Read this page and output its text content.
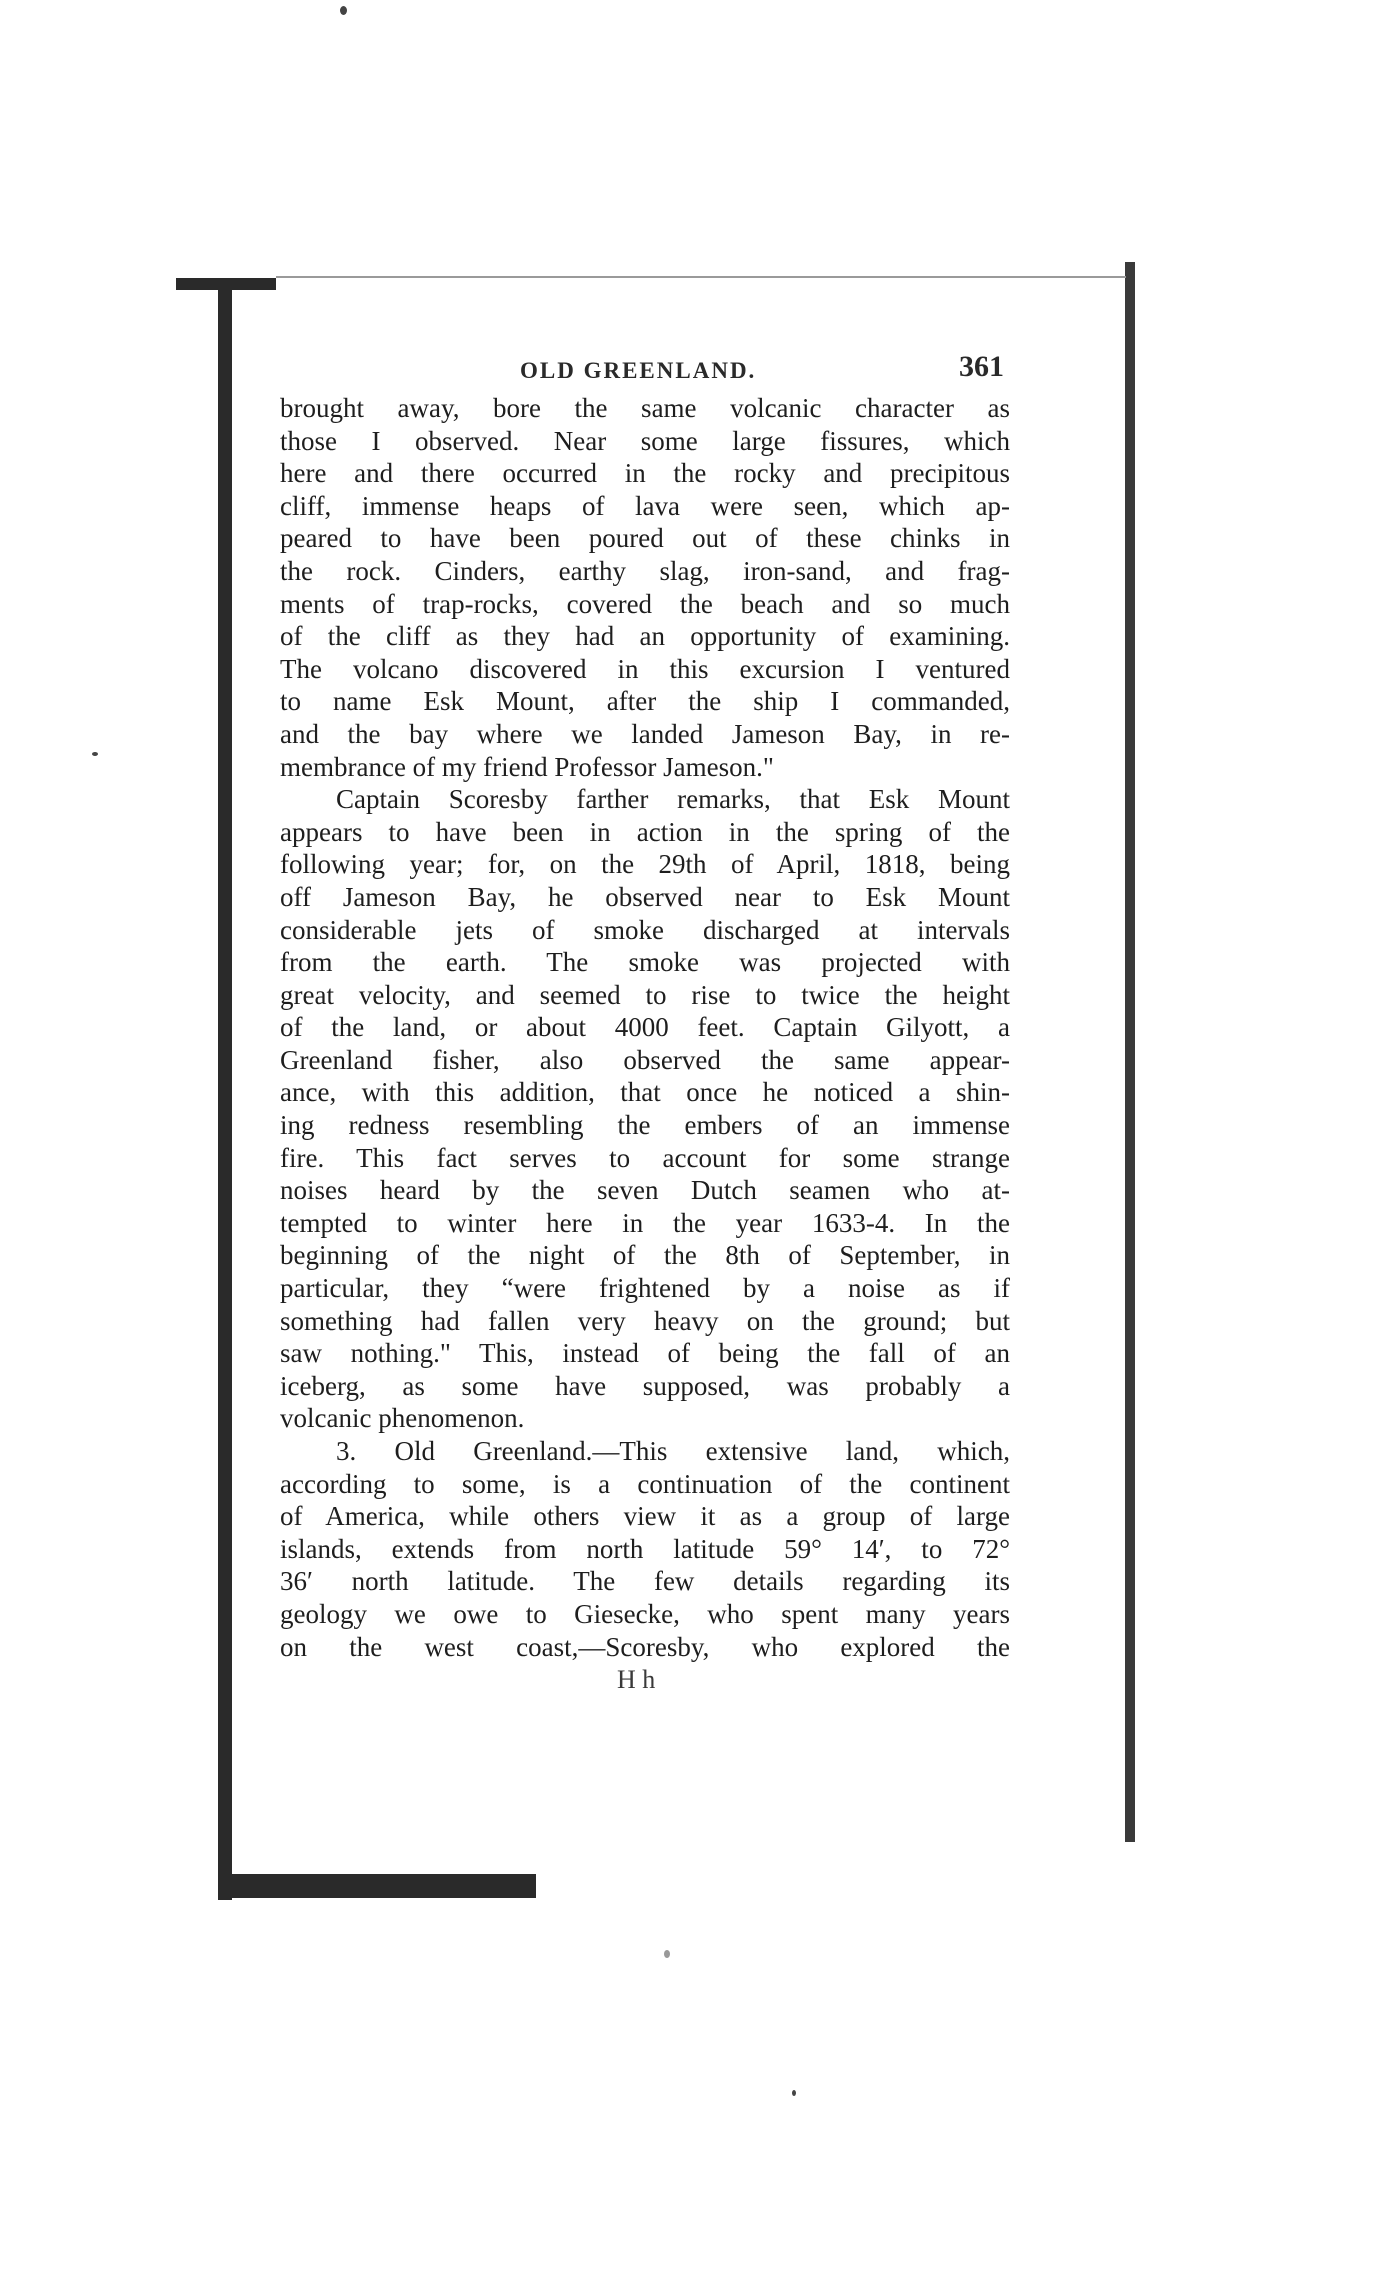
OLD GREENLAND.	361
brought away, bore the same volcanic character as
those I observed. Near some large fissures, which
here and there occurred in the rocky and precipitous
cliff, immense heaps of lava were seen, which ap-
peared to have been poured out of these chinks in
the rock. Cinders, earthy slag, iron-sand, and frag-
ments of trap-rocks, covered the beach and so much
of the cliff as they had an opportunity of examining.
The volcano discovered in this excursion I ventured
to name Esk Mount, after the ship I commanded,
and the bay where we landed Jameson Bay, in re-
membrance of my friend Professor Jameson."
Captain Scoresby farther remarks, that Esk Mount
appears to have been in action in the spring of the
following year; for, on the 29th of April, 1818, being
off Jameson Bay, he observed near to Esk Mount
considerable jets of smoke discharged at intervals
from the earth. The smoke was projected with
great velocity, and seemed to rise to twice the height
of the land, or about 4000 feet. Captain Gilyott, a
Greenland fisher, also observed the same appear-
ance, with this addition, that once he noticed a shin-
ing redness resembling the embers of an immense
fire. This fact serves to account for some strange
noises heard by the seven Dutch seamen who at-
tempted to winter here in the year 1633-4. In the
beginning of the night of the 8th of September, in
particular, they “were frightened by a noise as if
something had fallen very heavy on the ground; but
saw nothing." This, instead of being the fall of an
iceberg, as some have supposed, was probably a
volcanic phenomenon.
3. Old Greenland.—This extensive land, which,
according to some, is a continuation of the continent
of America, while others view it as a group of large
islands, extends from north latitude 59° 14′, to 72°
36′ north latitude. The few details regarding its
geology we owe to Giesecke, who spent many years
on the west coast,—Scoresby, who explored the
H h
